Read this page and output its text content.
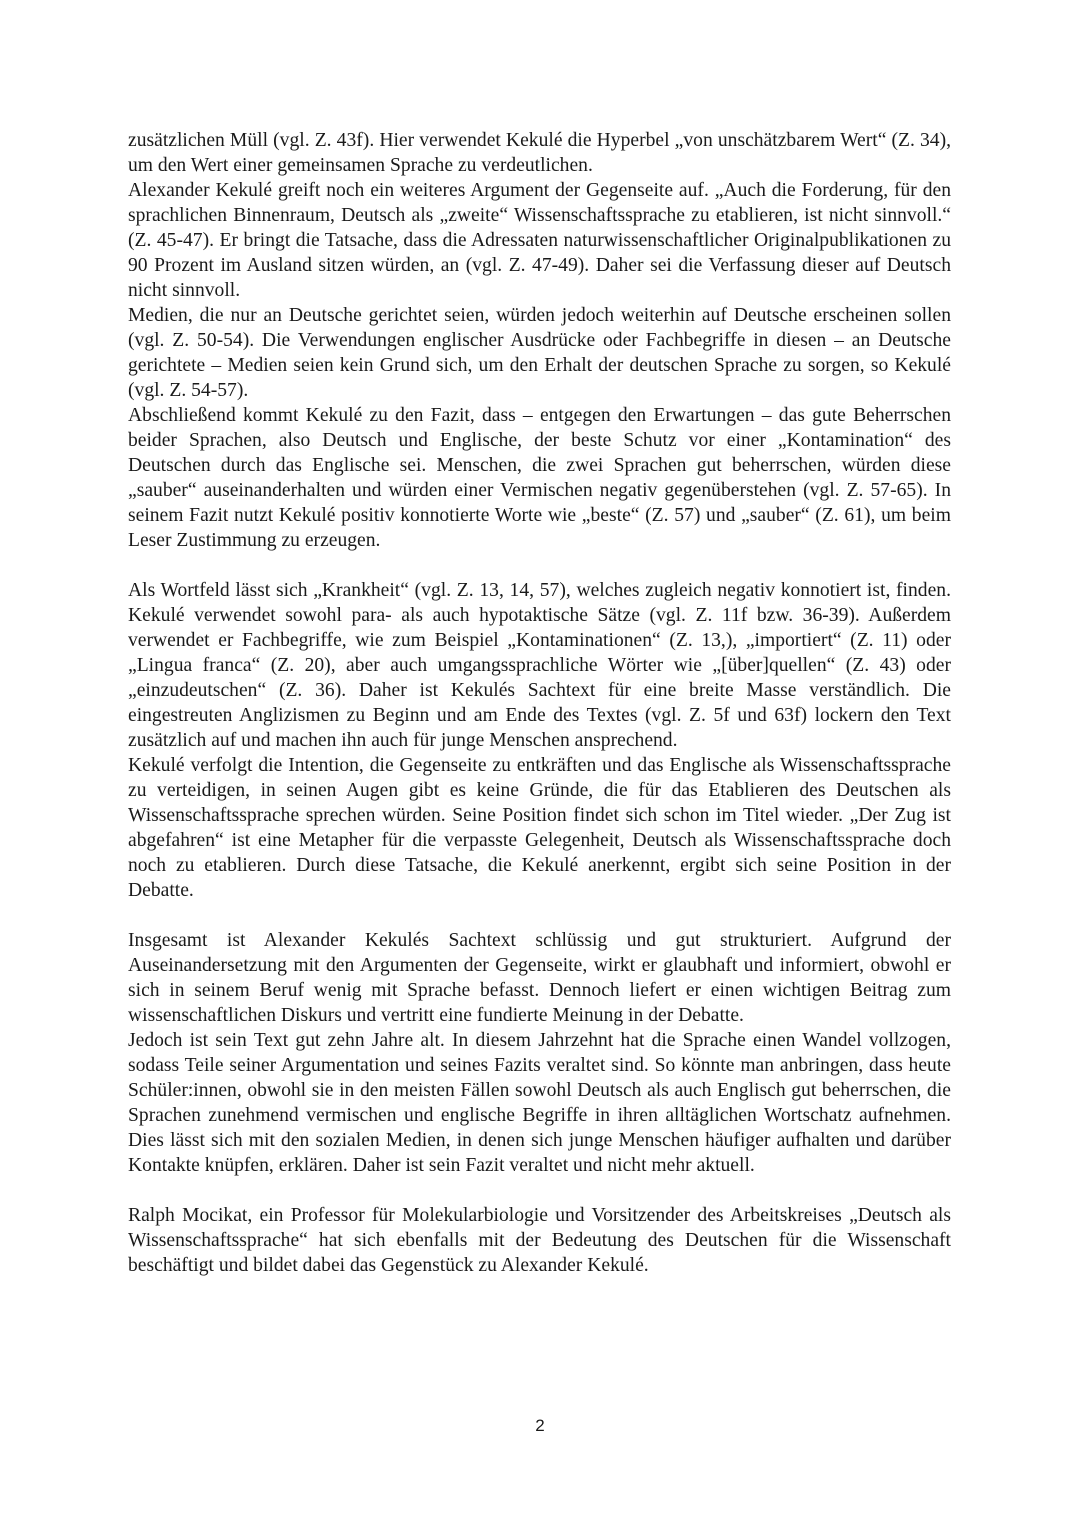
zusätzlichen Müll (vgl. Z. 43f). Hier verwendet Kekulé die Hyperbel „von unschätzbarem Wert“ (Z. 34), um den Wert einer gemeinsamen Sprache zu verdeutlichen.

Alexander Kekulé greift noch ein weiteres Argument der Gegenseite auf. „Auch die Forderung, für den sprachlichen Binnenraum, Deutsch als „zweite“ Wissenschaftssprache zu etablieren, ist nicht sinnvoll.“ (Z. 45-47). Er bringt die Tatsache, dass die Adressaten naturwissenschaftlicher Originalpublikationen zu 90 Prozent im Ausland sitzen würden, an (vgl. Z. 47-49). Daher sei die Verfassung dieser auf Deutsch nicht sinnvoll.

Medien, die nur an Deutsche gerichtet seien, würden jedoch weiterhin auf Deutsche erscheinen sollen (vgl. Z. 50-54). Die Verwendungen englischer Ausdrücke oder Fachbegriffe in diesen – an Deutsche gerichtete – Medien seien kein Grund sich, um den Erhalt der deutschen Sprache zu sorgen, so Kekulé (vgl. Z. 54-57).

Abschließend kommt Kekulé zu den Fazit, dass – entgegen den Erwartungen – das gute Beherrschen beider Sprachen, also Deutsch und Englische, der beste Schutz vor einer „Kontamination“ des Deutschen durch das Englische sei. Menschen, die zwei Sprachen gut beherrschen, würden diese „sauber“ auseinanderhalten und würden einer Vermischen negativ gegenüberstehen (vgl. Z. 57-65). In seinem Fazit nutzt Kekulé positiv konnotierte Worte wie „beste“ (Z. 57) und „sauber“ (Z. 61), um beim Leser Zustimmung zu erzeugen.

Als Wortfeld lässt sich „Krankheit“ (vgl. Z. 13, 14, 57), welches zugleich negativ konnotiert ist, finden. Kekulé verwendet sowohl para- als auch hypotaktische Sätze (vgl. Z. 11f bzw. 36-39). Außerdem verwendet er Fachbegriffe, wie zum Beispiel „Kontaminationen“ (Z. 13,), „importiert“ (Z. 11) oder „Lingua franca“ (Z. 20), aber auch umgangssprachliche Wörter wie „[über]quellen“ (Z. 43) oder „einzudeutschen“ (Z. 36). Daher ist Kekulés Sachtext für eine breite Masse verständlich. Die eingestreuten Anglizismen zu Beginn und am Ende des Textes (vgl. Z. 5f und 63f) lockern den Text zusätzlich auf und machen ihn auch für junge Menschen ansprechend.

Kekulé verfolgt die Intention, die Gegenseite zu entkräften und das Englische als Wissenschaftssprache zu verteidigen, in seinen Augen gibt es keine Gründe, die für das Etablieren des Deutschen als Wissenschaftssprache sprechen würden. Seine Position findet sich schon im Titel wieder. „Der Zug ist abgefahren“ ist eine Metapher für die verpasste Gelegenheit, Deutsch als Wissenschaftssprache doch noch zu etablieren. Durch diese Tatsache, die Kekulé anerkennt, ergibt sich seine Position in der Debatte.

Insgesamt ist Alexander Kekulés Sachtext schlüssig und gut strukturiert. Aufgrund der Auseinandersetzung mit den Argumenten der Gegenseite, wirkt er glaubhaft und informiert, obwohl er sich in seinem Beruf wenig mit Sprache befasst. Dennoch liefert er einen wichtigen Beitrag zum wissenschaftlichen Diskurs und vertritt eine fundierte Meinung in der Debatte.

Jedoch ist sein Text gut zehn Jahre alt. In diesem Jahrzehnt hat die Sprache einen Wandel vollzogen, sodass Teile seiner Argumentation und seines Fazits veraltet sind. So könnte man anbringen, dass heute Schüler:innen, obwohl sie in den meisten Fällen sowohl Deutsch als auch Englisch gut beherrschen, die Sprachen zunehmend vermischen und englische Begriffe in ihren alltäglichen Wortschatz aufnehmen. Dies lässt sich mit den sozialen Medien, in denen sich junge Menschen häufiger aufhalten und darüber Kontakte knüpfen, erklären. Daher ist sein Fazit veraltet und nicht mehr aktuell.

Ralph Mocikat, ein Professor für Molekularbiologie und Vorsitzender des Arbeitskreises „Deutsch als Wissenschaftssprache“ hat sich ebenfalls mit der Bedeutung des Deutschen für die Wissenschaft beschäftigt und bildet dabei das Gegenstück zu Alexander Kekulé.

2
